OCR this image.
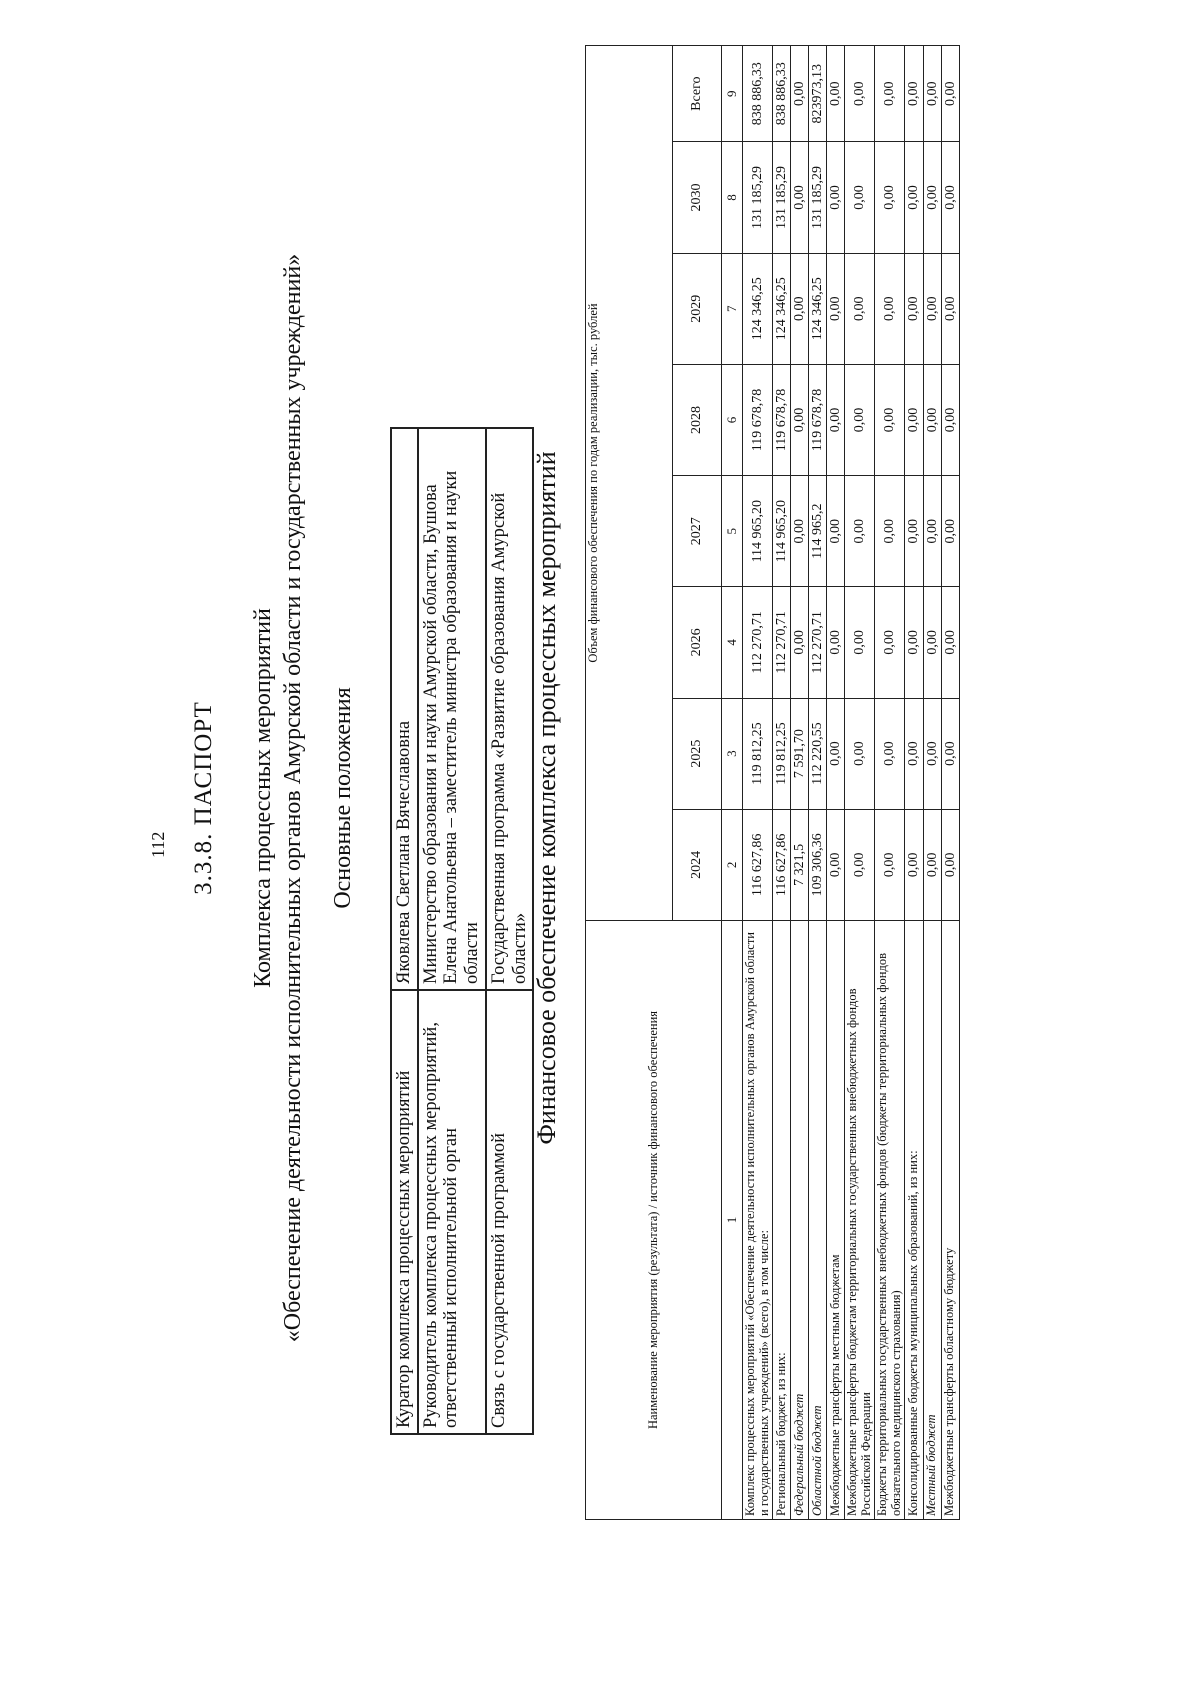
112 3.3.8. ПАСПОРТ Комплекса процессных мероприятий «Обеспечение деятельности исполнительных органов Амурской области и государственных учреждений» Основные положения
Куратор комплекса процессных мероприятий	Яковлева Светлана Вячеславовна
Руководитель комплекса процессных мероприятий, ответственный исполнительной орган	Министерство образования и науки Амурской области, Бушова Елена Анатольевна – заместитель министра образования и науки области
Связь с государственной программой	Государственная программа «Развитие образования Амурской области» Финансовое обеспечение комплекса процессных мероприятий
Наименование мероприятия (результата) / источник финансового обеспечения	Объем финансового обеспечения по годам реализации, тыс. рублей							
	2024	2025	2026	2027	2028	2029	2030	Всего
1	2	3	4	5	6	7	8	9
Комплекс процессных мероприятий «Обеспечение деятельности исполнительных органов Амурской области и государственных учреждений» (всего), в том числе:	116 627,86	119 812,25	112 270,71	114 965,20	119 678,78	124 346,25	131 185,29	838 886,33
Региональный бюджет, из них:	116 627,86	119 812,25	112 270,71	114 965,20	119 678,78	124 346,25	131 185,29	838 886,33
Федеральный бюджет	7 321,5	7 591,70	0,00	0,00	0,00	0,00	0,00	0,00
Областной бюджет	109 306,36	112 220,55	112 270,71	114 965,2	119 678,78	124 346,25	131 185,29	823973,13
Межбюджетные трансферты местным бюджетам	0,00	0,00	0,00	0,00	0,00	0,00	0,00	0,00
Межбюджетные трансферты бюджетам территориальных государственных внебюджетных фондов Российской Федерации	0,00	0,00	0,00	0,00	0,00	0,00	0,00	0,00
Бюджеты территориальных государственных внебюджетных фондов (бюджеты территориальных фондов обязательного медицинского страхования)	0,00	0,00	0,00	0,00	0,00	0,00	0,00	0,00
Консолидированные бюджеты муниципальных образований, из них:	0,00	0,00	0,00	0,00	0,00	0,00	0,00	0,00
Местный бюджет	0,00	0,00	0,00	0,00	0,00	0,00	0,00	0,00
Межбюджетные трансферты областному бюджету	0,00	0,00	0,00	0,00	0,00	0,00	0,00	0,00
